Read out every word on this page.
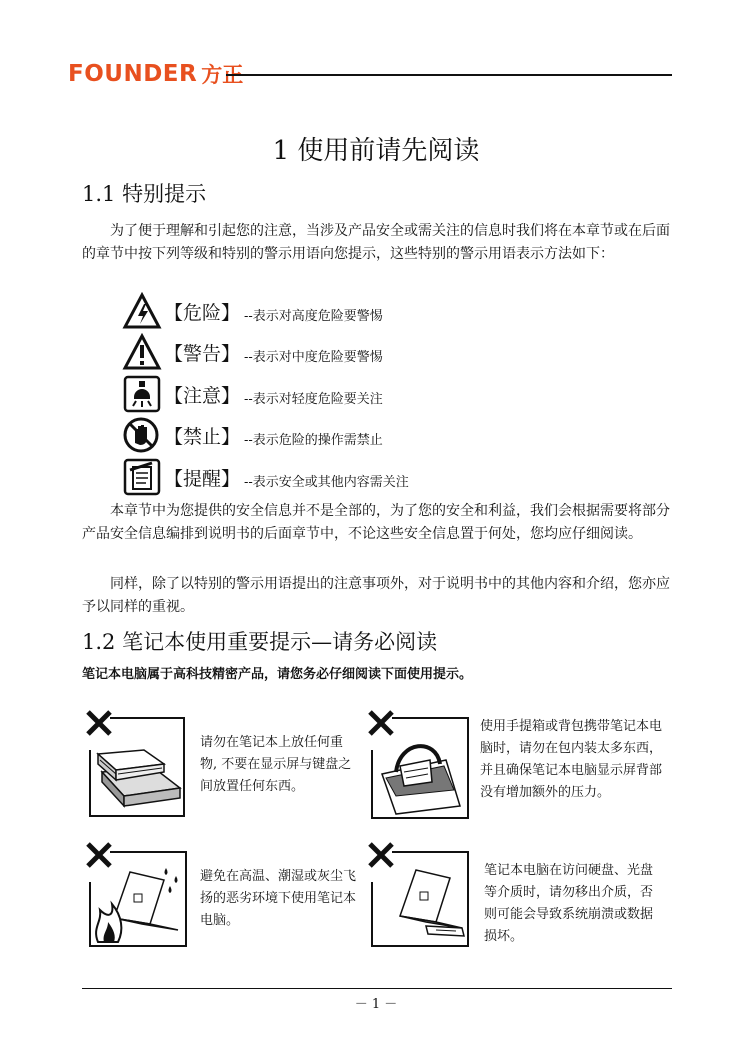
FOUNDER 方正
1 使用前请先阅读
1.1 特别提示
为了便于理解和引起您的注意，当涉及产品安全或需关注的信息时我们将在本章节或在后面的章节中按下列等级和特别的警示用语向您提示，这些特别的警示用语表示方法如下：
【危险】 --表示对高度危险要警惕
【警告】 --表示对中度危险要警惕
【注意】 --表示对轻度危险要关注
【禁止】 --表示危险的操作需禁止
【提醒】 --表示安全或其他内容需关注
本章节中为您提供的安全信息并不是全部的，为了您的安全和利益，我们会根据需要将部分产品安全信息编排到说明书的后面章节中，不论这些安全信息置于何处，您均应仔细阅读。
同样，除了以特别的警示用语提出的注意事项外，对于说明书中的其他内容和介绍，您亦应予以同样的重视。
1.2 笔记本使用重要提示—请务必阅读
笔记本电脑属于高科技精密产品，请您务必仔细阅读下面使用提示。
请勿在笔记本上放任何重物, 不要在显示屏与键盘之间放置任何东西。
使用手提箱或背包携带笔记本电脑时，请勿在包内装太多东西，并且确保笔记本电脑显示屏背部没有增加额外的压力。
避免在高温、潮湿或灰尘飞扬的恶劣环境下使用笔记本电脑。
笔记本电脑在访问硬盘、光盘等介质时，请勿移出介质，否则可能会导致系统崩溃或数据损坏。
－ 1 －
